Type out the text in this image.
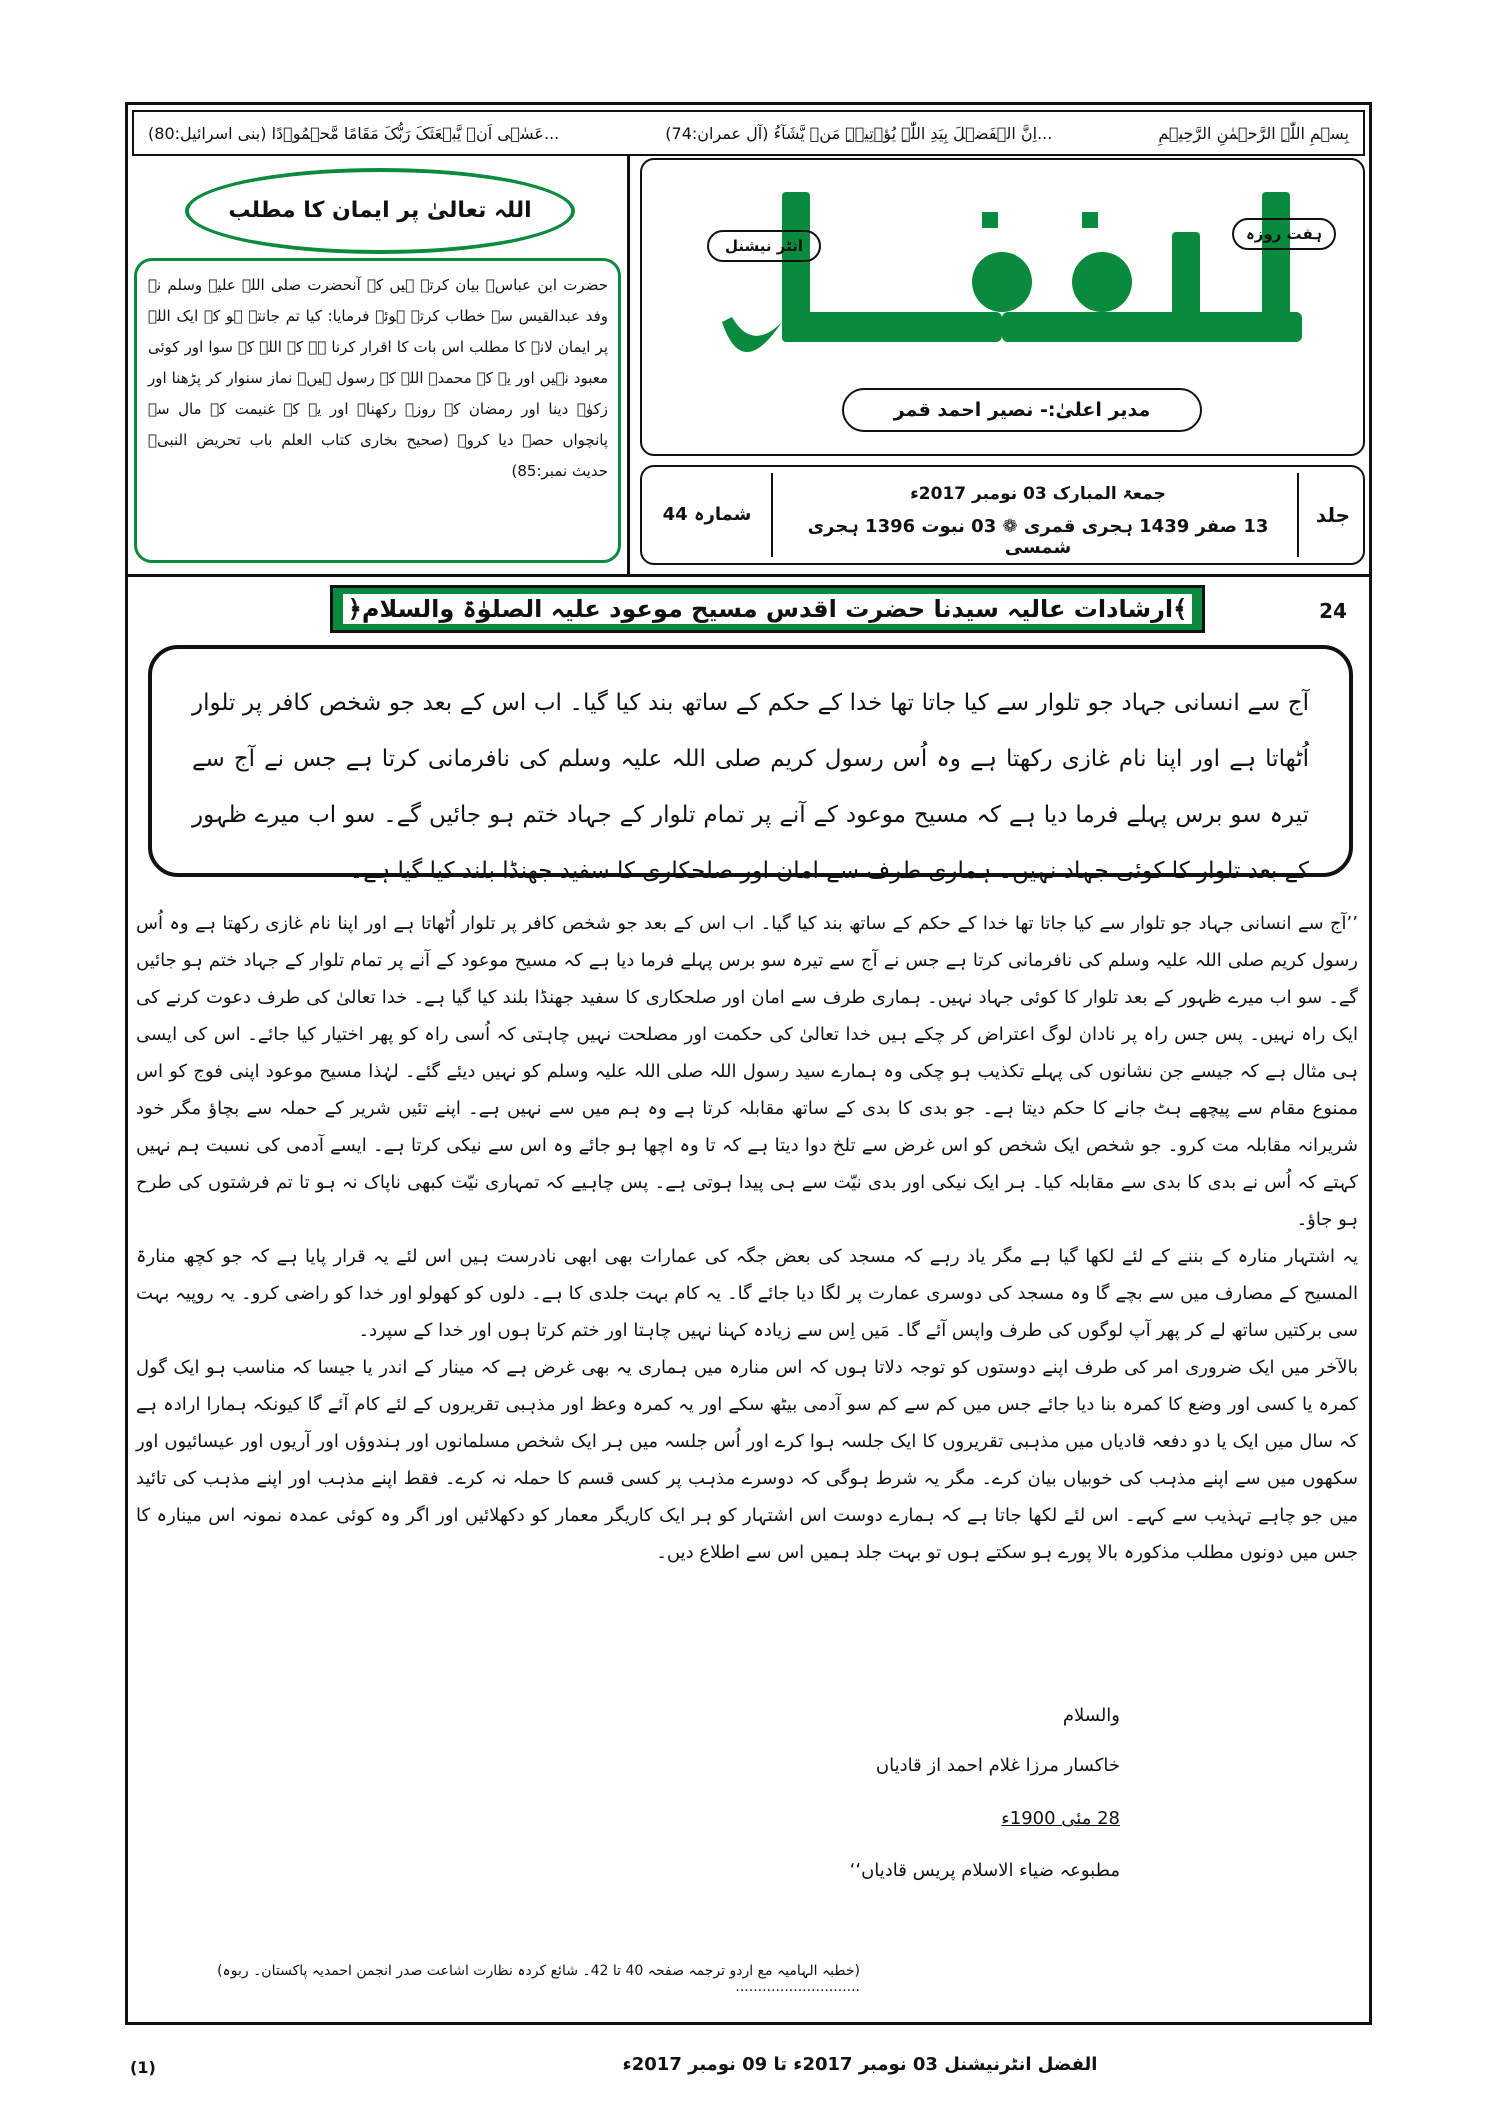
بِسۡمِ اللّٰہِ الرَّحۡمٰنِ الرَّحِیۡمِ
...اِنَّ الۡفَضۡلَ بِیَدِ اللّٰہِ یُؤۡتِیۡہِ مَنۡ یَّشَآءُ (آل عمران:74)
...عَسٰۤی اَنۡ یَّبۡعَثَکَ رَبُّکَ مَقَامًا مَّحۡمُوۡدًا (بنی اسرائیل:80)
ہفت روزہ
انٹر نیشنل
مدیر اعلیٰ:- نصیر احمد قمر
جلد 24
جمعۃ المبارک 03 نومبر 2017ء
13 صفر 1439 ہجری قمری ❁ 03 نبوت 1396 ہجری شمسی
شمارہ 44
اللہ تعالیٰ پر ایمان کا مطلب
حضرت ابن عباسؓ بیان کرتے ہیں کہ آنحضرت صلی اللہ علیہ وسلم نے وفد عبدالقیس سے خطاب کرتے ہوئے فرمایا: کیا تم جانتے ہو کہ ایک اللہ پر ایمان لانے کا مطلب اس بات کا اقرار کرنا ہے کہ اللہ کے سوا اور کوئی معبود نہیں اور یہ کہ محمدؐ اللہ کے رسول ہیں۔ نماز سنوار کر پڑھنا اور زکوٰۃ دینا اور رمضان کے روزے رکھنا۔ اور یہ کہ غنیمت کے مال سے پانچواں حصہ دیا کرو۔ (صحیح بخاری کتاب العلم باب تحریض النبیؐ حدیث نمبر:85)
﴾ارشادات عالیہ سیدنا حضرت اقدس مسیح موعود علیہ الصلوٰۃ والسلام﴿
آج سے انسانی جہاد جو تلوار سے کیا جاتا تھا خدا کے حکم کے ساتھ بند کیا گیا۔ اب اس کے بعد جو شخص کافر پر تلوار اُٹھاتا ہے اور اپنا نام غازی رکھتا ہے وہ اُس رسول کریم صلی اللہ علیہ وسلم کی نافرمانی کرتا ہے جس نے آج سے تیرہ سو برس پہلے فرما دیا ہے کہ مسیح موعود کے آنے پر تمام تلوار کے جہاد ختم ہو جائیں گے۔ سو اب میرے ظہور کے بعد تلوار کا کوئی جہاد نہیں۔ ہماری طرف سے امان اور صلحکاری کا سفید جھنڈا بلند کیا گیا ہے۔

’’آج سے انسانی جہاد جو تلوار سے کیا جاتا تھا خدا کے حکم کے ساتھ بند کیا گیا۔ اب اس کے بعد جو شخص کافر پر تلوار اُٹھاتا ہے اور اپنا نام غازی رکھتا ہے وہ اُس رسول کریم صلی اللہ علیہ وسلم کی نافرمانی کرتا ہے جس نے آج سے تیرہ سو برس پہلے فرما دیا ہے کہ مسیح موعود کے آنے پر تمام تلوار کے جہاد ختم ہو جائیں گے۔ سو اب میرے ظہور کے بعد تلوار کا کوئی جہاد نہیں۔ ہماری طرف سے امان اور صلحکاری کا سفید جھنڈا بلند کیا گیا ہے۔ خدا تعالیٰ کی طرف دعوت کرنے کی ایک راہ نہیں۔ پس جس راہ پر نادان لوگ اعتراض کر چکے ہیں خدا تعالیٰ کی حکمت اور مصلحت نہیں چاہتی کہ اُسی راہ کو پھر اختیار کیا جائے۔ اس کی ایسی ہی مثال ہے کہ جیسے جن نشانوں کی پہلے تکذیب ہو چکی وہ ہمارے سید رسول اللہ صلی اللہ علیہ وسلم کو نہیں دیئے گئے۔ لہٰذا مسیح موعود اپنی فوج کو اس ممنوع مقام سے پیچھے ہٹ جانے کا حکم دیتا ہے۔ جو بدی کا بدی کے ساتھ مقابلہ کرتا ہے وہ ہم میں سے نہیں ہے۔ اپنے تئیں شریر کے حملہ سے بچاؤ مگر خود شریرانہ مقابلہ مت کرو۔ جو شخص ایک شخص کو اس غرض سے تلخ دوا دیتا ہے کہ تا وہ اچھا ہو جائے وہ اس سے نیکی کرتا ہے۔ ایسے آدمی کی نسبت ہم نہیں کہتے کہ اُس نے بدی کا بدی سے مقابلہ کیا۔ ہر ایک نیکی اور بدی نیّت سے ہی پیدا ہوتی ہے۔ پس چاہیے کہ تمہاری نیّت کبھی ناپاک نہ ہو تا تم فرشتوں کی طرح ہو جاؤ۔

یہ اشتہار منارہ کے بننے کے لئے لکھا گیا ہے مگر یاد رہے کہ مسجد کی بعض جگہ کی عمارات بھی ابھی نادرست ہیں اس لئے یہ قرار پایا ہے کہ جو کچھ منارۃ المسیح کے مصارف میں سے بچے گا وہ مسجد کی دوسری عمارت پر لگا دیا جائے گا۔ یہ کام بہت جلدی کا ہے۔ دلوں کو کھولو اور خدا کو راضی کرو۔ یہ روپیہ بہت سی برکتیں ساتھ لے کر پھر آپ لوگوں کی طرف واپس آئے گا۔ مَیں اِس سے زیادہ کہنا نہیں چاہتا اور ختم کرتا ہوں اور خدا کے سپرد۔

بالآخر میں ایک ضروری امر کی طرف اپنے دوستوں کو توجہ دلاتا ہوں کہ اس منارہ میں ہماری یہ بھی غرض ہے کہ مینار کے اندر یا جیسا کہ مناسب ہو ایک گول کمرہ یا کسی اور وضع کا کمرہ بنا دیا جائے جس میں کم سے کم سو آدمی بیٹھ سکے اور یہ کمرہ وعظ اور مذہبی تقریروں کے لئے کام آئے گا کیونکہ ہمارا ارادہ ہے کہ سال میں ایک یا دو دفعہ قادیاں میں مذہبی تقریروں کا ایک جلسہ ہوا کرے اور اُس جلسہ میں ہر ایک شخص مسلمانوں اور ہندوؤں اور آریوں اور عیسائیوں اور سکھوں میں سے اپنے مذہب کی خوبیاں بیان کرے۔ مگر یہ شرط ہوگی کہ دوسرے مذہب پر کسی قسم کا حملہ نہ کرے۔ فقط اپنے مذہب اور اپنے مذہب کی تائید میں جو چاہے تہذیب سے کہے۔ اس لئے لکھا جاتا ہے کہ ہمارے دوست اس اشتہار کو ہر ایک کاریگر معمار کو دکھلائیں اور اگر وہ کوئی عمدہ نمونہ اس مینارہ کا جس میں دونوں مطلب مذکورہ بالا پورے ہو سکتے ہوں تو بہت جلد ہمیں اس سے اطلاع دیں۔

والسلام
خاکسار مرزا غلام احمد از قادیاں
28 مئی 1900ء
مطبوعہ ضیاء الاسلام پریس قادیاں‘‘
(خطبہ الہامیہ مع اردو ترجمہ صفحہ 40 تا 42۔ شائع کردہ نظارت اشاعت صدر انجمن احمدیہ پاکستان۔ ربوہ) ............................
(1)	الفضل انٹرنیشنل 03 نومبر 2017ء تا 09 نومبر 2017ء
